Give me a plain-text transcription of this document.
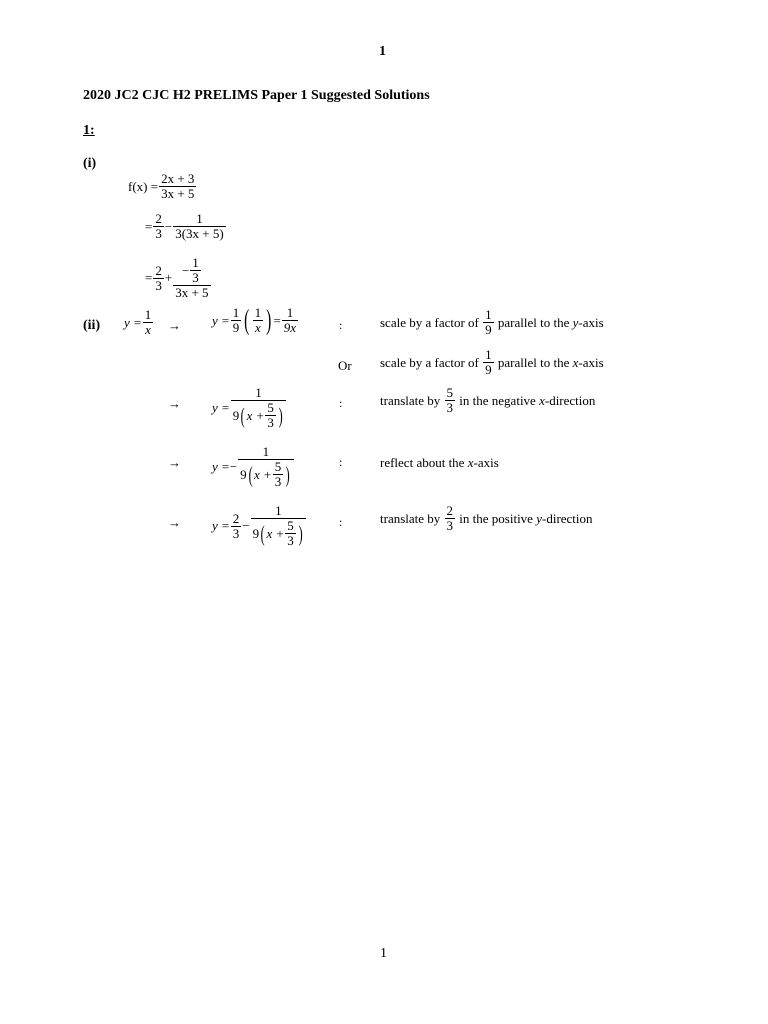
1
2020 JC2 CJC H2 PRELIMS Paper 1 Suggested Solutions
1:
(i)
$f(x) = \frac{2x + 3}{3x + 5}$
= $\frac{2}{3} - \frac{1}{3(3x + 5)}$
= $\frac{2}{3} + \frac{- \frac{1}{3}}{3x + 5}$
(ii) $y = \frac{1}{x} \to y = \frac{1}{9}$ ( $\frac{1}{x}$ ) = $\frac{1}{9x}$	:	scale by a factor of
$\frac{1}{9}$
parallel to the
y -axis
Or scale by a factor of
$\frac{1}{9}$
parallel to the
x -axis
→ y =
1
9 ( $x + \frac{5}{3}$ )	:	translate by
$\frac{5}{3}$
in the negative
x -direction
→ y = −
1
9 ( $x + \frac{5}{3}$ )	:	reflect about the x-axis
→ $y = \frac{2}{3}$ −
1
9 ( $x + \frac{5}{3}$ )	:	translate by
$\frac{2}{3}$
in the positive
y -direction
1
